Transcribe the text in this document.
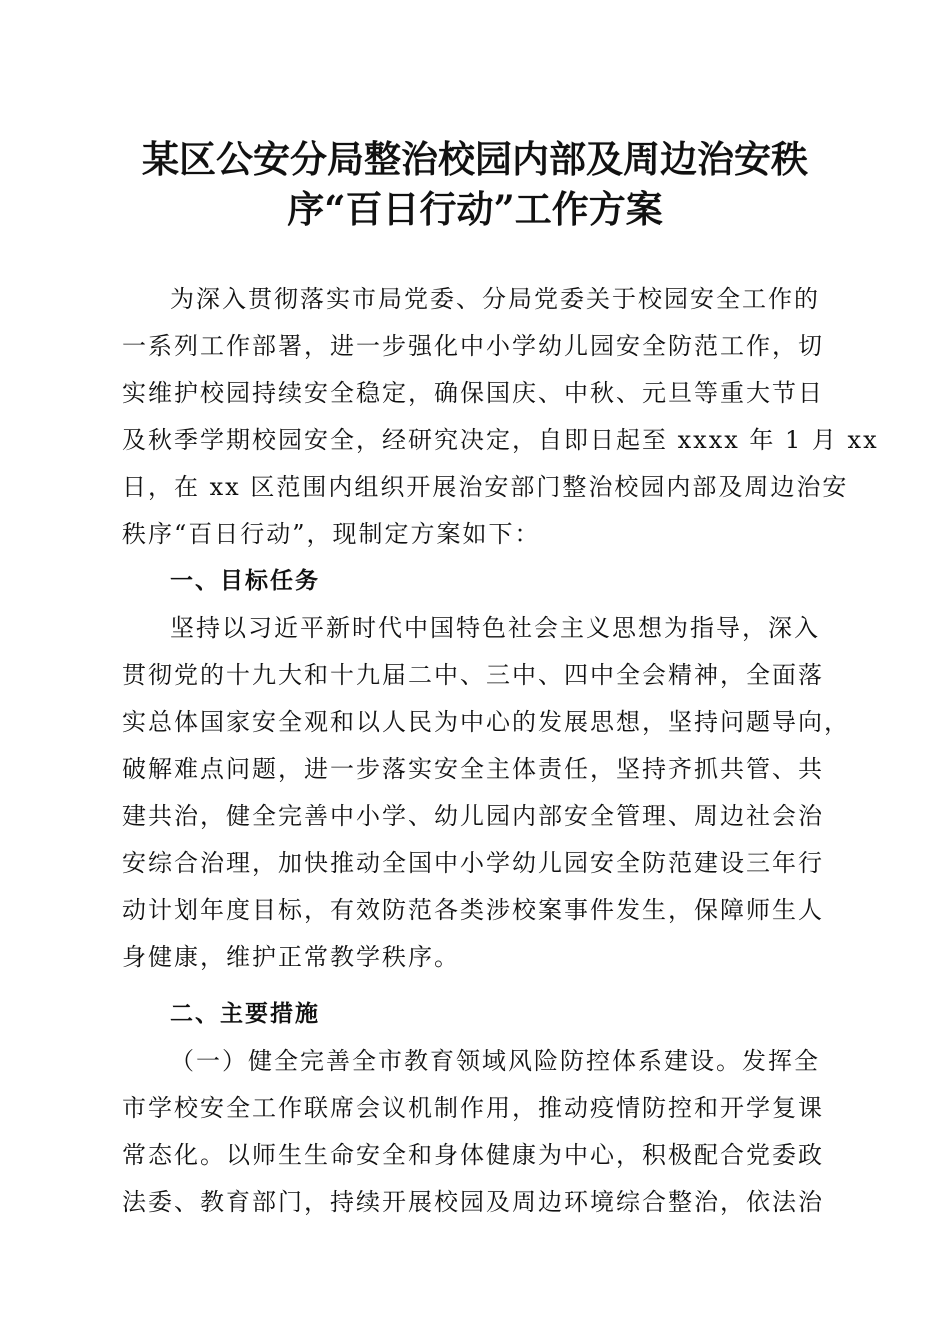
某区公安分局整治校园内部及周边治安秩
序“百日行动”工作方案
为深入贯彻落实市局党委、分局党委关于校园安全工作的
一系列工作部署，进一步强化中小学幼儿园安全防范工作，切
实维护校园持续安全稳定，确保国庆、中秋、元旦等重大节日
及秋季学期校园安全，经研究决定，自即日起至 xxxx 年 1 月 xx
日，在 xx 区范围内组织开展治安部门整治校园内部及周边治安
秩序“百日行动”，现制定方案如下：
一、目标任务
坚持以习近平新时代中国特色社会主义思想为指导，深入
贯彻党的十九大和十九届二中、三中、四中全会精神，全面落
实总体国家安全观和以人民为中心的发展思想，坚持问题导向，
破解难点问题，进一步落实安全主体责任，坚持齐抓共管、共
建共治，健全完善中小学、幼儿园内部安全管理、周边社会治
安综合治理，加快推动全国中小学幼儿园安全防范建设三年行
动计划年度目标，有效防范各类涉校案事件发生，保障师生人
身健康，维护正常教学秩序。
二、主要措施
（一）健全完善全市教育领域风险防控体系建设。发挥全
市学校安全工作联席会议机制作用，推动疫情防控和开学复课
常态化。以师生生命安全和身体健康为中心，积极配合党委政
法委、教育部门，持续开展校园及周边环境综合整治，依法治
